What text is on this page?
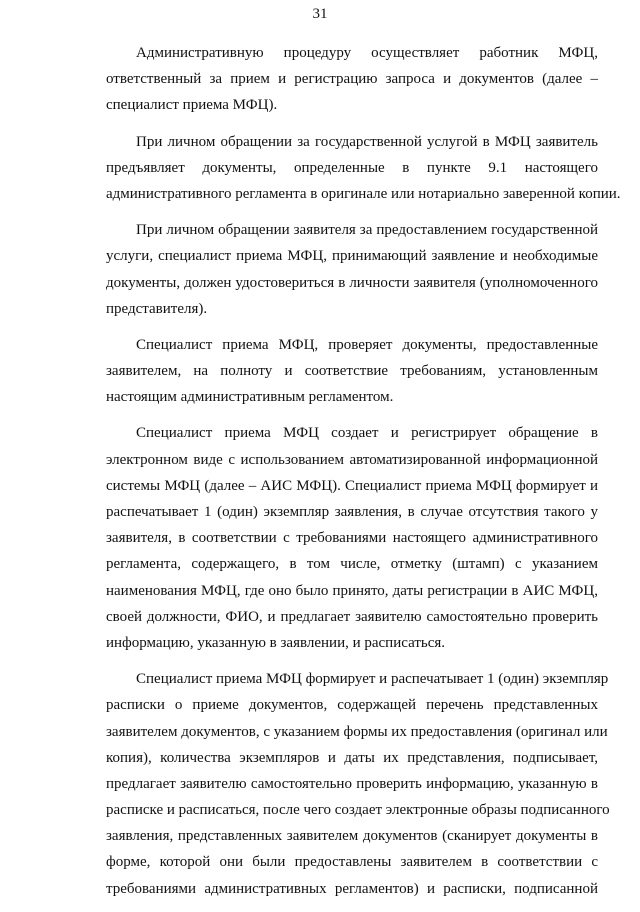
31

Административную процедуру осуществляет работник МФЦ,
ответственный за прием и регистрацию запроса и документов (далее –
специалист приема МФЦ).

При личном обращении за государственной услугой в МФЦ заявитель
предъявляет документы, определенные в пункте 9.1 настоящего
административного регламента в оригинале или нотариально заверенной копии.

При личном обращении заявителя за предоставлением государственной
услуги, специалист приема МФЦ, принимающий заявление и необходимые
документы, должен удостовериться в личности заявителя (уполномоченного
представителя).

Специалист приема МФЦ, проверяет документы, предоставленные
заявителем, на полноту и соответствие требованиям, установленным
настоящим административным регламентом.

Специалист приема МФЦ создает и регистрирует обращение в
электронном виде с использованием автоматизированной информационной
системы МФЦ (далее – АИС МФЦ). Специалист приема МФЦ формирует и
распечатывает 1 (один) экземпляр заявления, в случае отсутствия такого у
заявителя, в соответствии с требованиями настоящего административного
регламента, содержащего, в том числе, отметку (штамп) с указанием
наименования МФЦ, где оно было принято, даты регистрации в АИС МФЦ,
своей должности, ФИО, и предлагает заявителю самостоятельно проверить
информацию, указанную в заявлении, и расписаться.

Специалист приема МФЦ формирует и распечатывает 1 (один) экземпляр
расписки о приеме документов, содержащей перечень представленных
заявителем документов, с указанием формы их предоставления (оригинал или
копия), количества экземпляров и даты их представления, подписывает,
предлагает заявителю самостоятельно проверить информацию, указанную в
расписке и расписаться, после чего создает электронные образы подписанного
заявления, представленных заявителем документов (сканирует документы в
форме, которой они были предоставлены заявителем в соответствии с
требованиями административных регламентов) и расписки, подписанной
